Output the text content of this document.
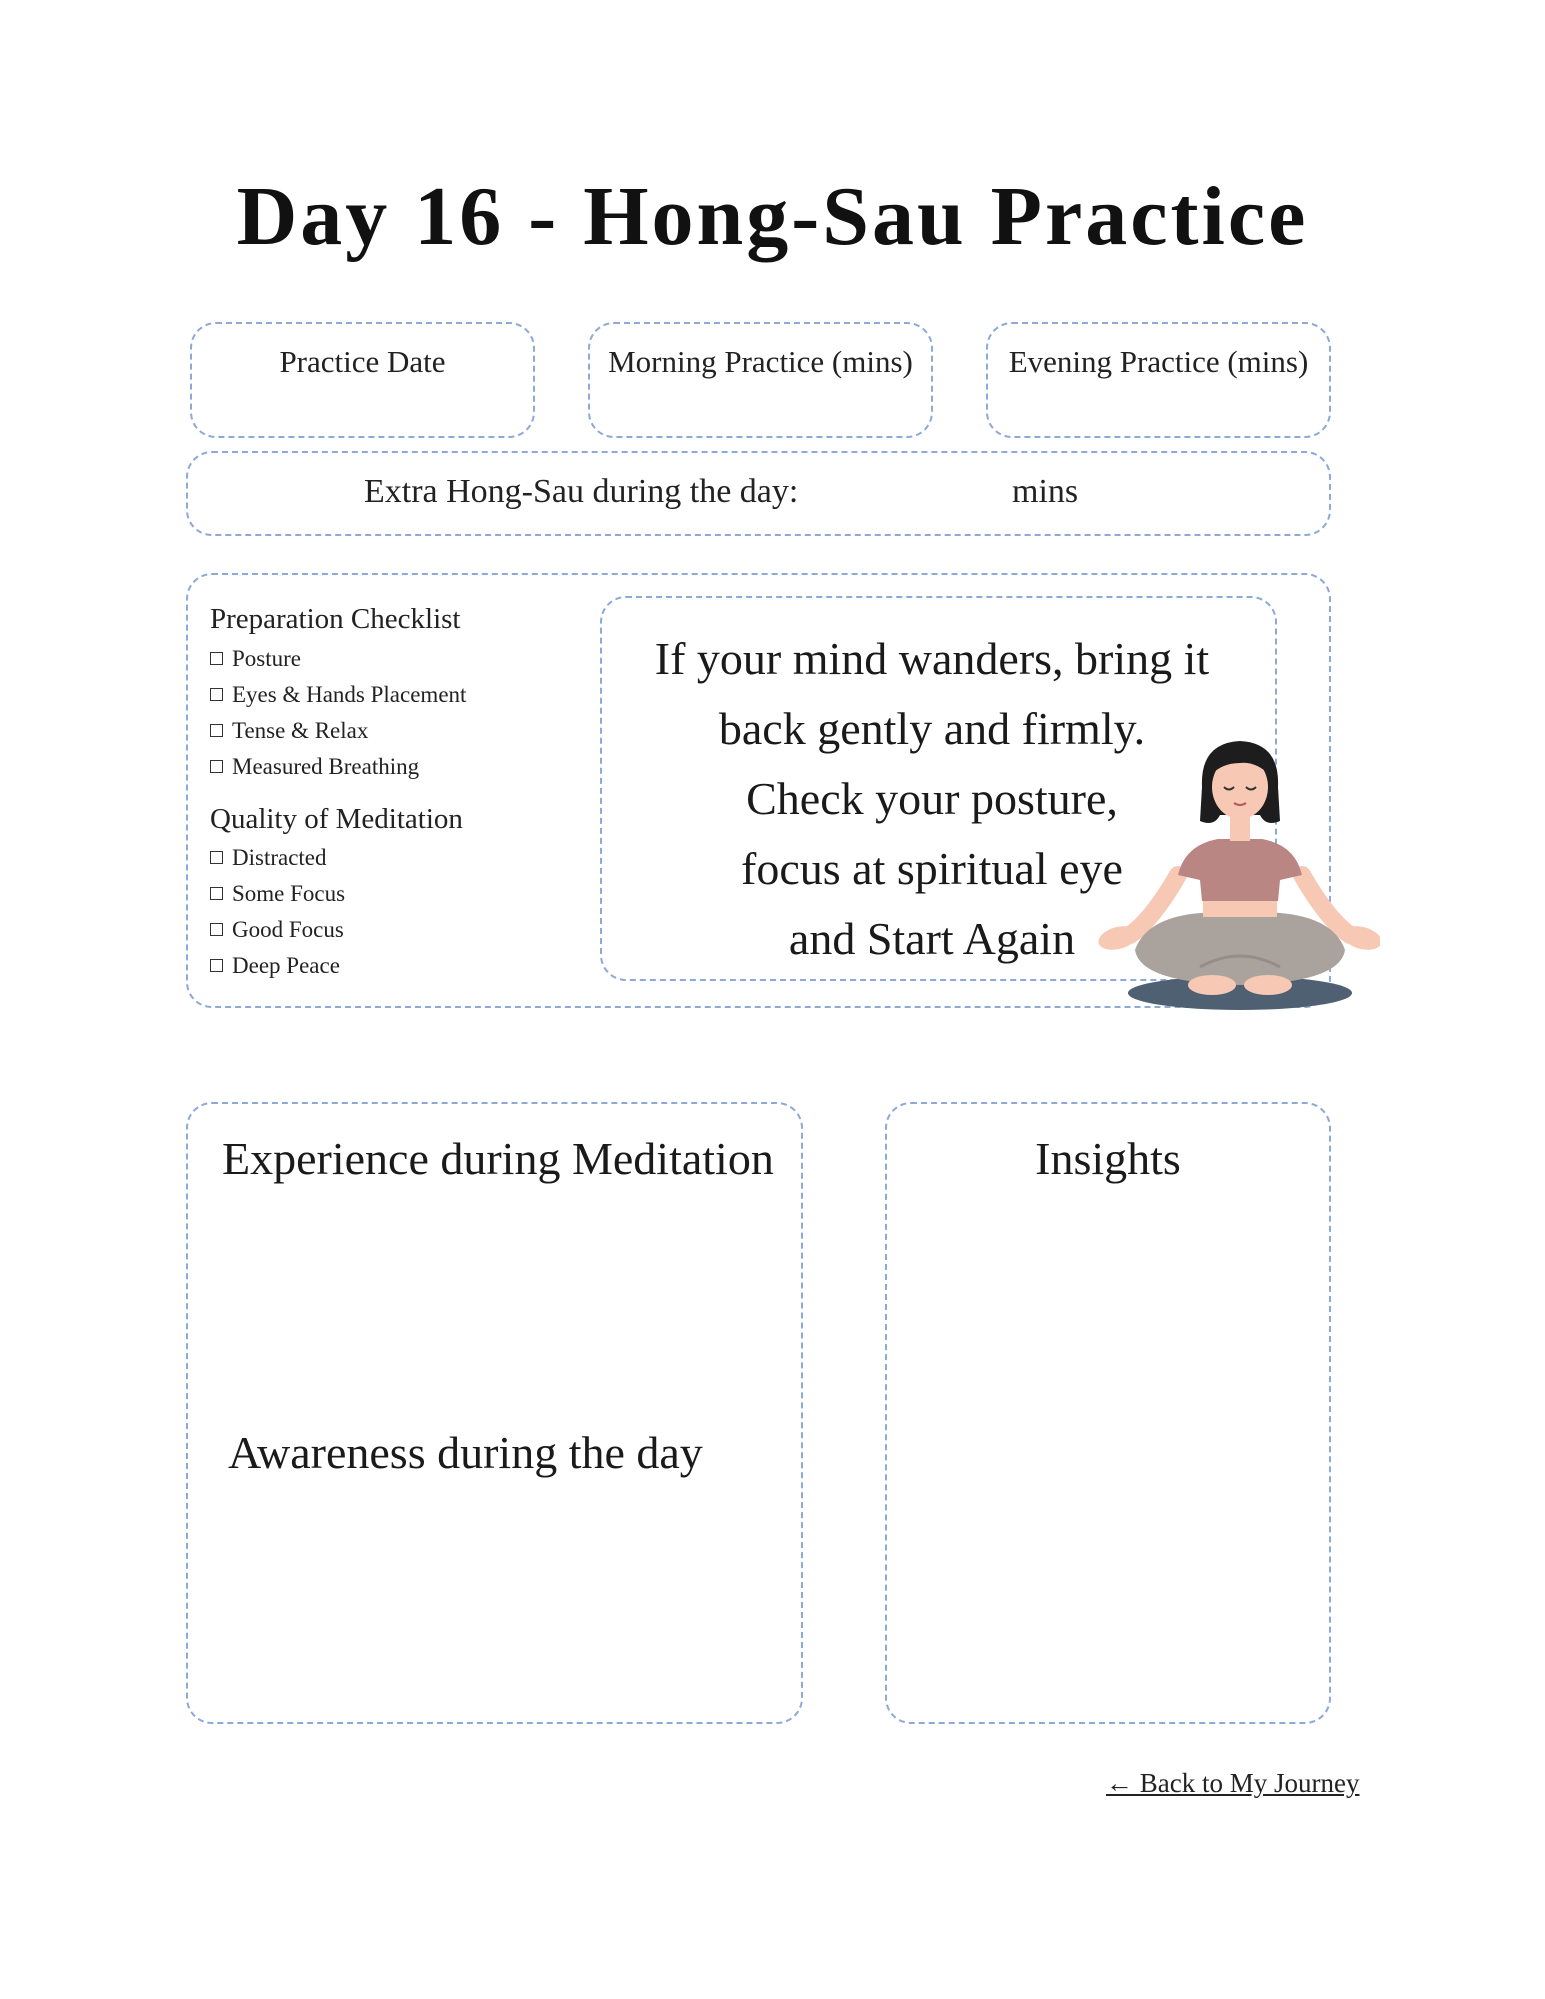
Day 16 - Hong-Sau Practice
Practice Date	Morning Practice (mins)	Evening Practice (mins)
Extra Hong-Sau during the day:	mins
Preparation Checklist
Posture
Eyes & Hands Placement
Tense & Relax
Measured Breathing
Quality of Meditation
Distracted
Some Focus
Good Focus
Deep Peace
If your mind wanders, bring it
back gently and firmly.
Check your posture,
focus at spiritual eye
and Start Again
Experience during Meditation
Awareness during the day
Insights
← Back to My Journey
